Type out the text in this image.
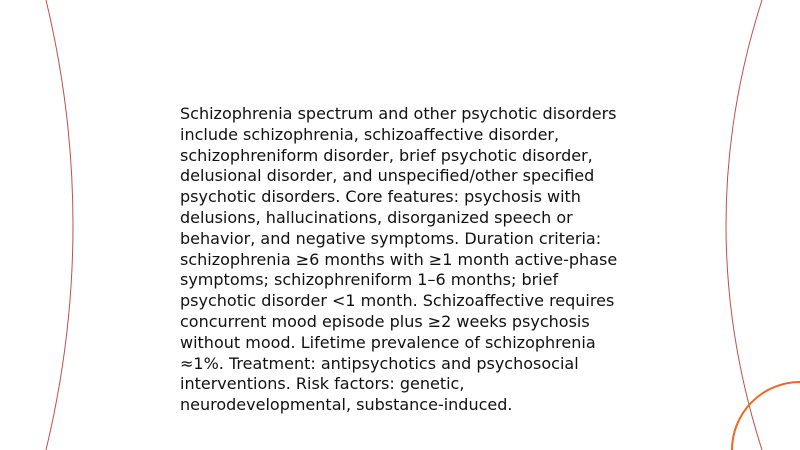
Schizophrenia spectrum and other psychotic disorders include schizophrenia, schizoaffective disorder, schizophreniform disorder, brief psychotic disorder, delusional disorder, and unspecified/other specified psychotic disorders. Core features: psychosis with delusions, hallucinations, disorganized speech or behavior, and negative symptoms. Duration criteria: schizophrenia ≥6 months with ≥1 month active-phase symptoms; schizophreniform 1–6 months; brief psychotic disorder <1 month. Schizoaffective requires concurrent mood episode plus ≥2 weeks psychosis without mood. Lifetime prevalence of schizophrenia ≈1%. Treatment: antipsychotics and psychosocial interventions. Risk factors: genetic, neurodevelopmental, substance-induced.
